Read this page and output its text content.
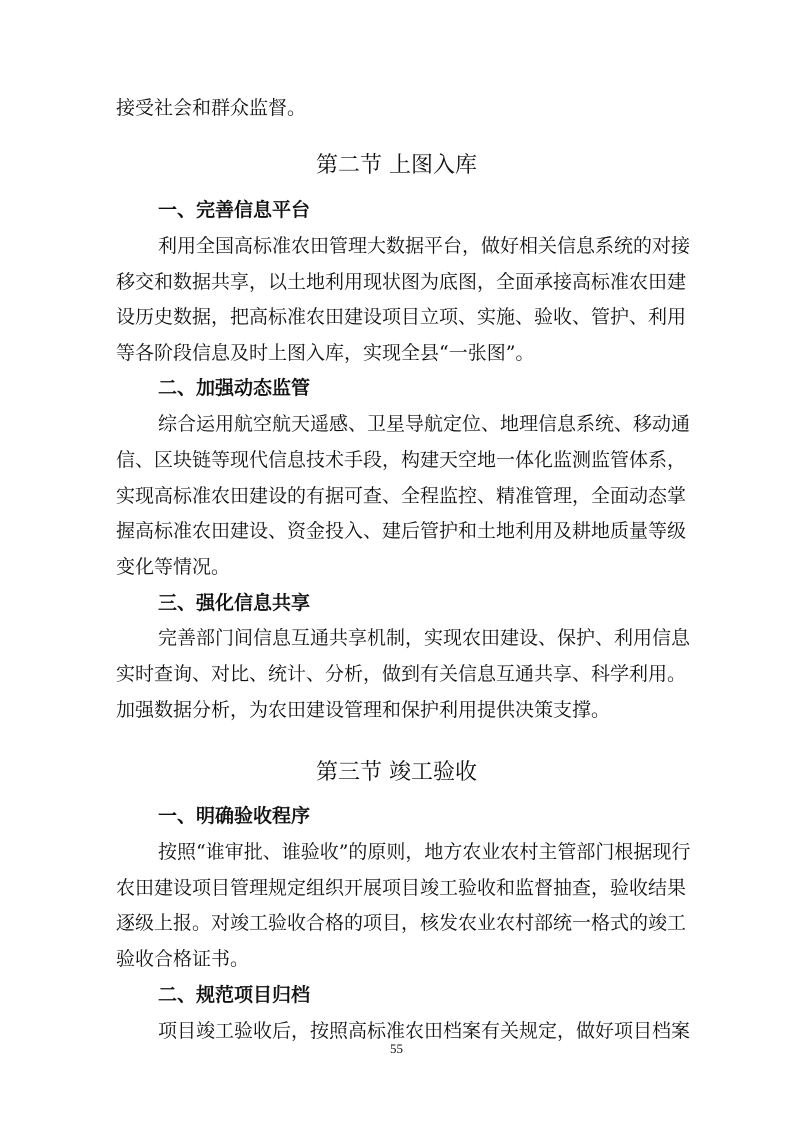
接受社会和群众监督。
第二节 上图入库
一、完善信息平台
利用全国高标准农田管理大数据平台，做好相关信息系统的对接
移交和数据共享，以土地利用现状图为底图，全面承接高标准农田建
设历史数据，把高标准农田建设项目立项、实施、验收、管护、利用
等各阶段信息及时上图入库，实现全县“一张图”。
二、加强动态监管
综合运用航空航天遥感、卫星导航定位、地理信息系统、移动通
信、区块链等现代信息技术手段，构建天空地一体化监测监管体系，
实现高标准农田建设的有据可查、全程监控、精准管理，全面动态掌
握高标准农田建设、资金投入、建后管护和土地利用及耕地质量等级
变化等情况。
三、强化信息共享
完善部门间信息互通共享机制，实现农田建设、保护、利用信息
实时查询、对比、统计、分析，做到有关信息互通共享、科学利用。
加强数据分析，为农田建设管理和保护利用提供决策支撑。
第三节 竣工验收
一、明确验收程序
按照“谁审批、谁验收”的原则，地方农业农村主管部门根据现行
农田建设项目管理规定组织开展项目竣工验收和监督抽查，验收结果
逐级上报。对竣工验收合格的项目，核发农业农村部统一格式的竣工
验收合格证书。
二、规范项目归档
项目竣工验收后，按照高标准农田档案有关规定，做好项目档案
55
